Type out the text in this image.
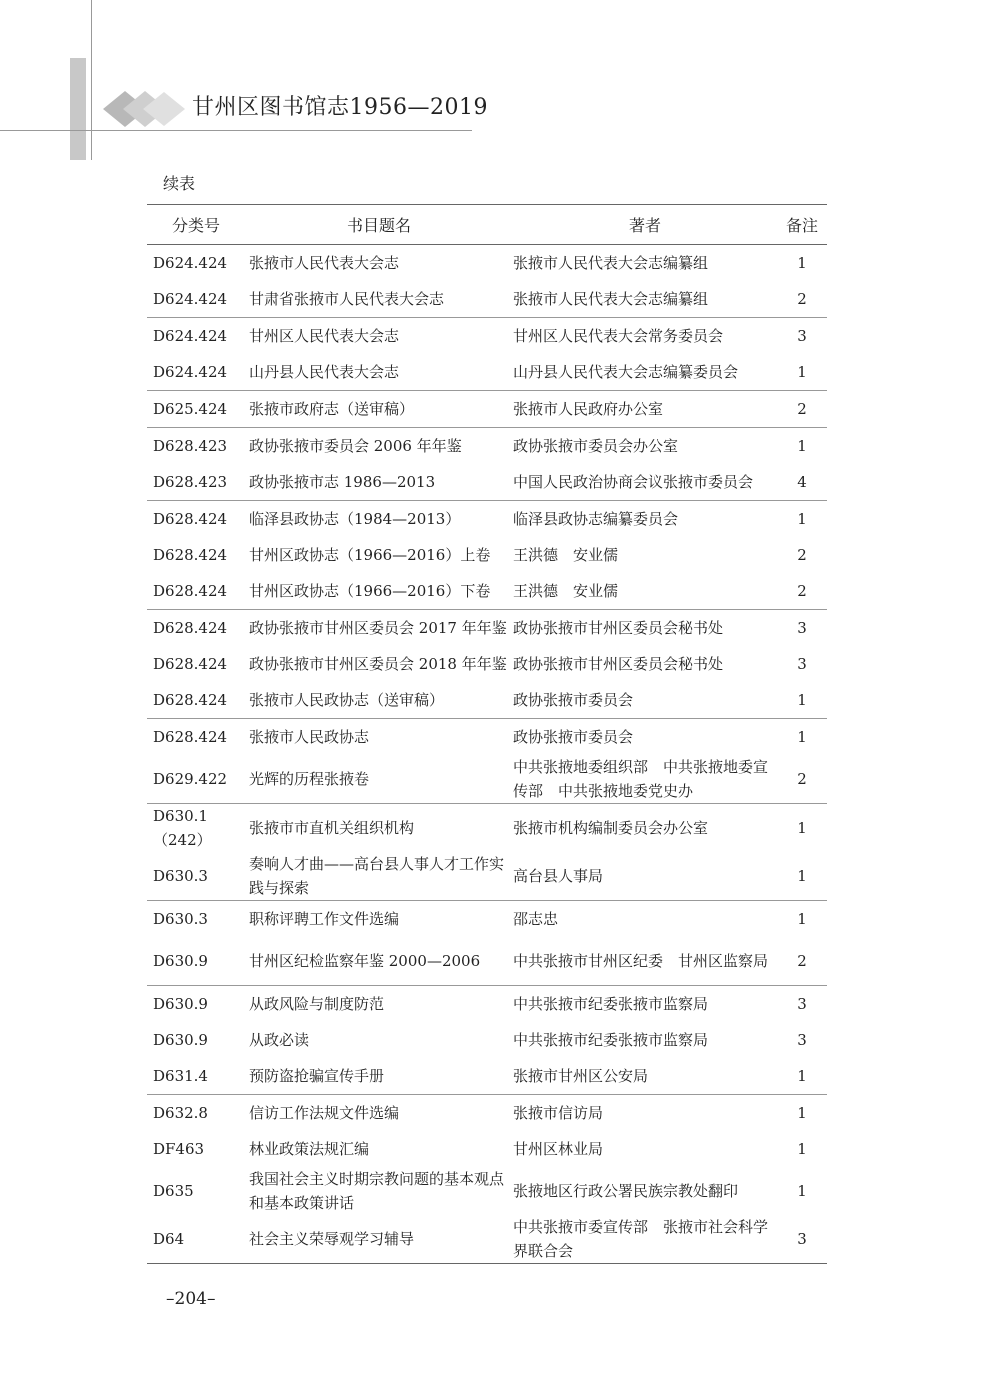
甘州区图书馆志1956—2019
续表
分类号	书目题名	著者	备注
D624.424	张掖市人民代表大会志	张掖市人民代表大会志编纂组	1
D624.424	甘肃省张掖市人民代表大会志	张掖市人民代表大会志编纂组	2
D624.424	甘州区人民代表大会志	甘州区人民代表大会常务委员会	3
D624.424	山丹县人民代表大会志	山丹县人民代表大会志编纂委员会	1
D625.424	张掖市政府志（送审稿）	张掖市人民政府办公室	2
D628.423	政协张掖市委员会 2006 年年鉴	政协张掖市委员会办公室	1
D628.423	政协张掖市志 1986—2013	中国人民政治协商会议张掖市委员会	4
D628.424	临泽县政协志（1984—2013）	临泽县政协志编纂委员会	1
D628.424	甘州区政协志（1966—2016）上卷	王洪德　安业儒	2
D628.424	甘州区政协志（1966—2016）下卷	王洪德　安业儒	2
D628.424	政协张掖市甘州区委员会 2017 年年鉴	政协张掖市甘州区委员会秘书处	3
D628.424	政协张掖市甘州区委员会 2018 年年鉴	政协张掖市甘州区委员会秘书处	3
D628.424	张掖市人民政协志（送审稿）	政协张掖市委员会	1
D628.424	张掖市人民政协志	政协张掖市委员会	1
D629.422	光辉的历程张掖卷	中共张掖地委组织部　中共张掖地委宣传部　中共张掖地委党史办	2
D630.1（242）	张掖市市直机关组织机构	张掖市机构编制委员会办公室	1
D630.3	奏响人才曲——高台县人事人才工作实践与探索	高台县人事局	1
D630.3	职称评聘工作文件选编	邵志忠	1
D630.9	甘州区纪检监察年鉴 2000—2006	中共张掖市甘州区纪委　甘州区监察局	2
D630.9	从政风险与制度防范	中共张掖市纪委张掖市监察局	3
D630.9	从政必读	中共张掖市纪委张掖市监察局	3
D631.4	预防盗抢骗宣传手册	张掖市甘州区公安局	1
D632.8	信访工作法规文件选编	张掖市信访局	1
DF463	林业政策法规汇编	甘州区林业局	1
D635	我国社会主义时期宗教问题的基本观点和基本政策讲话	张掖地区行政公署民族宗教处翻印	1
D64	社会主义荣辱观学习辅导	中共张掖市委宣传部　张掖市社会科学界联合会	3
–204–
